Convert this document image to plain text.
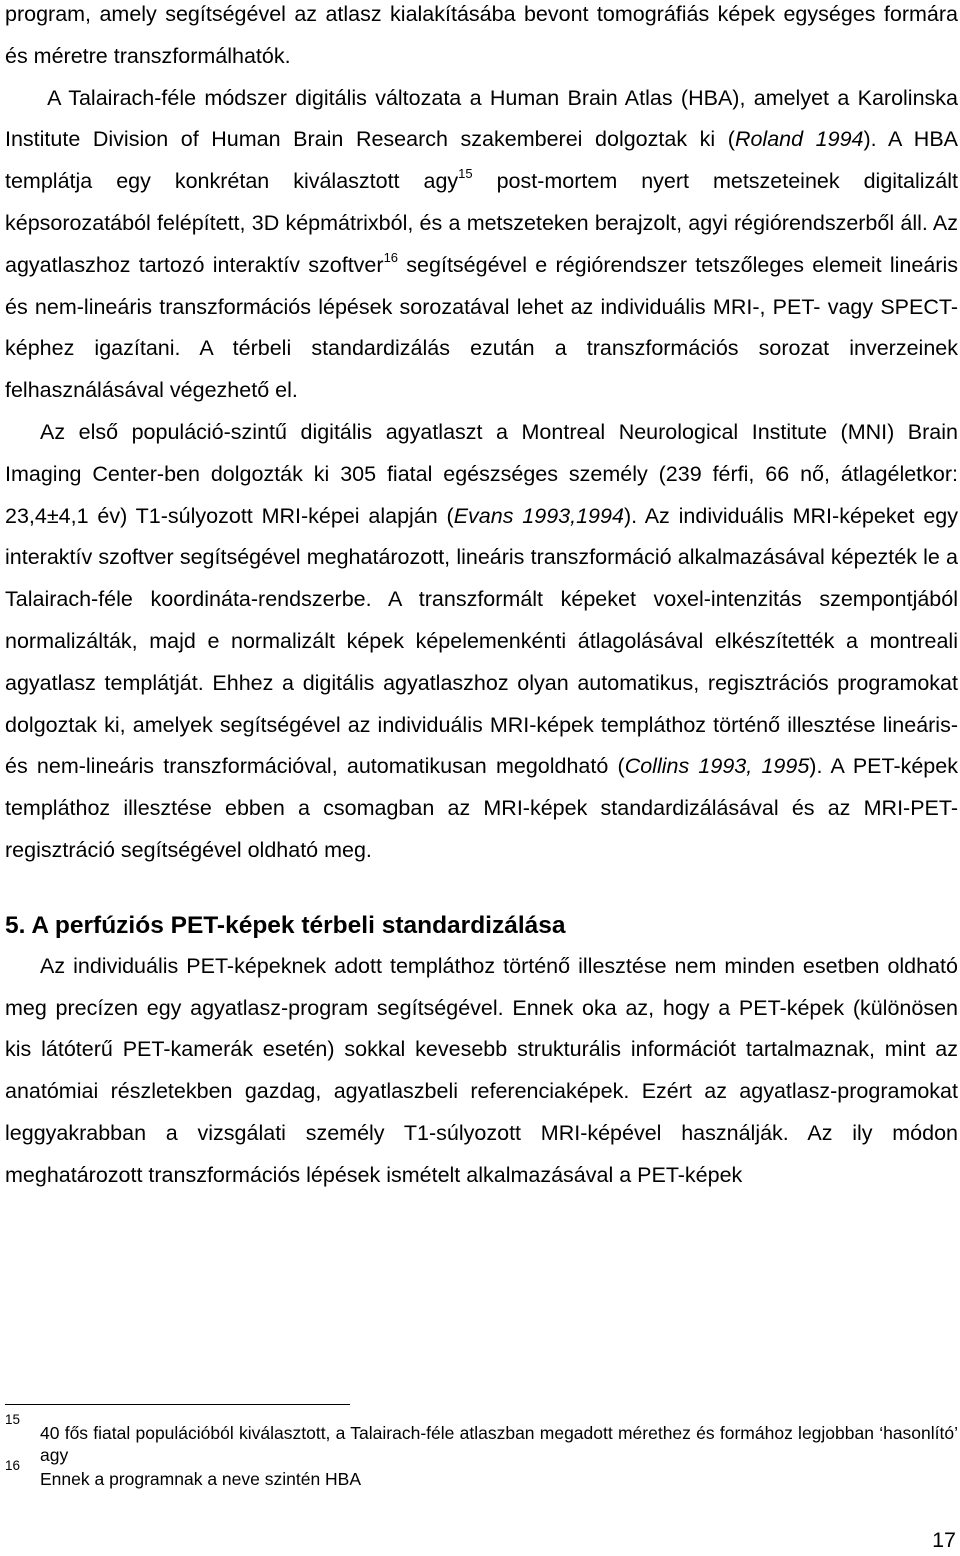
program, amely segítségével az atlasz kialakításába bevont tomográfiás képek egységes formára és méretre transzformálhatók.
A Talairach-féle módszer digitális változata a Human Brain Atlas (HBA), amelyet a Karolinska Institute Division of Human Brain Research szakemberei dolgoztak ki (Roland 1994). A HBA templátja egy konkrétan kiválasztott agy$^{15}$ post-mortem nyert metszeteinek digitalizált képsorozatából felépített, 3D képmátrixból, és a metszeteken berajzolt, agyi régiórendszerből áll. Az agyatlaszhoz tartozó interaktív szoftver$^{16}$ segítségével e régiórendszer tetszőleges elemeit lineáris és nem-lineáris transzformációs lépések sorozatával lehet az individuális MRI-, PET- vagy SPECT-képhez igazítani. A térbeli standardizálás ezután a transzformációs sorozat inverzeinek felhasználásával végezhető el.

Az első populáció-szintű digitális agyatlaszt a Montreal Neurological Institute (MNI) Brain Imaging Center-ben dolgozták ki 305 fiatal egészséges személy (239 férfi, 66 nő, átlagéletkor: 23,4±4,1 év) T1-súlyozott MRI-képei alapján (Evans 1993,1994). Az individuális MRI-képeket egy interaktív szoftver segítségével meghatározott, lineáris transzformáció alkalmazásával képezték le a Talairach-féle koordináta-rendszerbe. A transzformált képeket voxel-intenzitás szempontjából normalizálták, majd e normalizált képek képelemenkénti átlagolásával elkészítették a montreali agyatlasz templátját. Ehhez a digitális agyatlaszhoz olyan automatikus, regisztrációs programokat dolgoztak ki, amelyek segítségével az individuális MRI-képek templáthoz történő illesztése lineáris- és nem-lineáris transzformációval, automatikusan megoldható (Collins 1993, 1995). A PET-képek templáthoz illesztése ebben a csomagban az MRI-képek standardizálásával és az MRI-PET-regisztráció segítségével oldható meg.

5. A perfúziós PET-képek térbeli standardizálása

Az individuális PET-képeknek adott templáthoz történő illesztése nem minden esetben oldható meg precízen egy agyatlasz-program segítségével. Ennek oka az, hogy a PET-képek (különösen kis látóterű PET-kamerák esetén) sokkal kevesebb strukturális információt tartalmaznak, mint az anatómiai részletekben gazdag, agyatlaszbeli referenciaképek. Ezért az agyatlasz-programokat leggyakrabban a vizsgálati személy T1-súlyozott MRI-képével használják. Az ily módon meghatározott transzformációs lépések ismételt alkalmazásával a PET-képek

15
40 fős fiatal populációból kiválasztott, a Talairach-féle atlaszban megadott mérethez és formához legjobban ‘hasonlító’ agy
16
Ennek a programnak a neve szintén HBA
17
